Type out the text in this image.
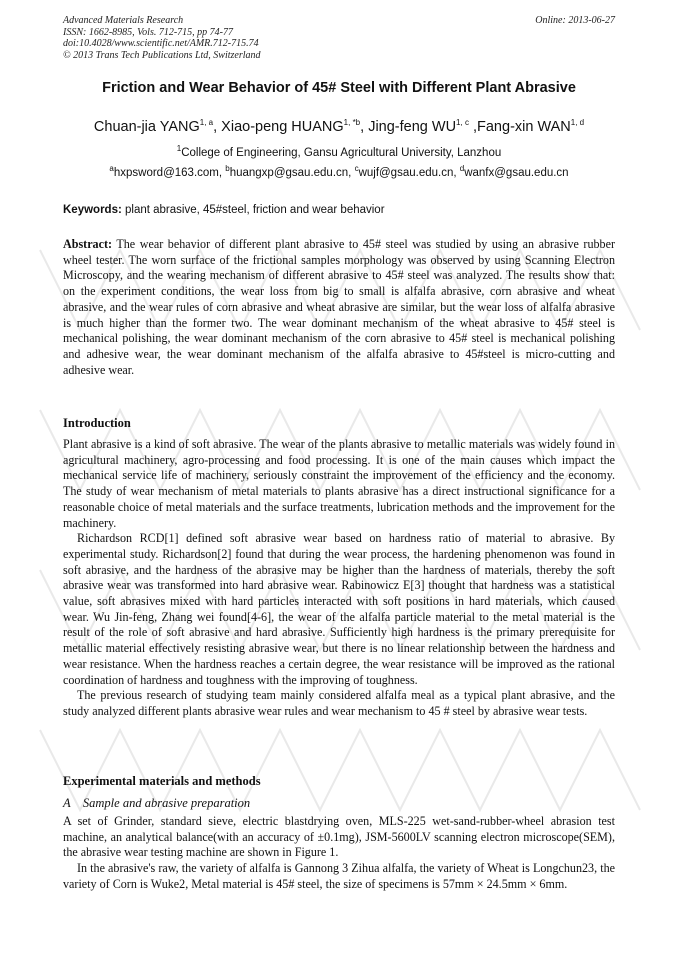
Advanced Materials Research
ISSN: 1662-8985, Vols. 712-715, pp 74-77
doi:10.4028/www.scientific.net/AMR.712-715.74
© 2013 Trans Tech Publications Ltd, Switzerland
Online: 2013-06-27
Friction and Wear Behavior of 45# Steel with Different Plant Abrasive
Chuan-jia YANG$^{1, a}$, Xiao-peng $HUANG^{1, *b}$, Jing-feng WU$^{1, c}$ ,Fang-xin WAN$^{1, d}$
$^1$College of Engineering, Gansu Agricultural University, Lanzhou
$^a$hxpsword@163.com, $^b$huangxp@gsau.edu.cn, $^c$wujf@gsau.edu.cn, $^d$wanfx@gsau.edu.cn
Keywords: plant abrasive, 45#steel, friction and wear behavior

Abstract: The wear behavior of different plant abrasive to 45# steel was studied by using an abrasive rubber wheel tester. The worn surface of the frictional samples morphology was observed by using Scanning Electron Microscopy, and the wearing mechanism of different abrasive to 45# steel was analyzed. The results show that: on the experiment conditions, the wear loss from big to small is alfalfa abrasive, corn abrasive and wheat abrasive, and the wear rules of corn abrasive and wheat abrasive are similar, but the wear loss of alfalfa abrasive is much higher than the former two. The wear dominant mechanism of the wheat abrasive to 45# steel is mechanical polishing, the wear dominant mechanism of the corn abrasive to 45# steel is mechanical polishing and adhesive wear, the wear dominant mechanism of the alfalfa abrasive to 45#steel is micro-cutting and adhesive wear.

Introduction

Plant abrasive is a kind of soft abrasive. The wear of the plants abrasive to metallic materials was widely found in agricultural machinery, agro-processing and food processing. It is one of the main causes which impact the mechanical service life of machinery, seriously constraint the improvement of the efficiency and the economy. The study of wear mechanism of metal materials to plants abrasive has a direct instructional significance for a reasonable choice of metal materials and the surface treatments, lubrication methods and the improvement for the machinery.

Richardson RCD[1] defined soft abrasive wear based on hardness ratio of material to abrasive. By experimental study. Richardson[2] found that during the wear process, the hardening phenomenon was found in soft abrasive, and the hardness of the abrasive may be higher than the hardness of materials, thereby the soft abrasive wear was transformed into hard abrasive wear. Rabinowicz E[3] thought that hardness was a statistical value, soft abrasives mixed with hard particles interacted with soft positions in hard materials, which caused wear. Wu Jin-feng, Zhang wei found[4-6], the wear of the alfalfa particle material to the metal material is the result of the role of soft abrasive and hard abrasive. Sufficiently high hardness is the primary prerequisite for metallic material effectively resisting abrasive wear, but there is no linear relationship between the hardness and wear resistance. When the hardness reaches a certain degree, the wear resistance will be improved as the rational coordination of hardness and toughness with the improving of toughness.

The previous research of studying team mainly considered alfalfa meal as a typical plant abrasive, and the study analyzed different plants abrasive wear rules and wear mechanism to 45 # steel by abrasive wear tests.

Experimental materials and methods
A    Sample and abrasive preparation

A set of Grinder, standard sieve, electric blastdrying oven, MLS-225 wet-sand-rubber-wheel abrasion test machine, an analytical balance(with an accuracy of ±0.1mg), JSM-5600LV scanning electron microscope(SEM), the abrasive wear testing machine are shown in Figure 1.

In the abrasive's raw, the variety of alfalfa is Gannong 3 Zihua alfalfa, the variety of Wheat is Longchun23, the variety of Corn is Wuke2, Metal material is 45# steel, the size of specimens is 57mm × 24.5mm × 6mm.
